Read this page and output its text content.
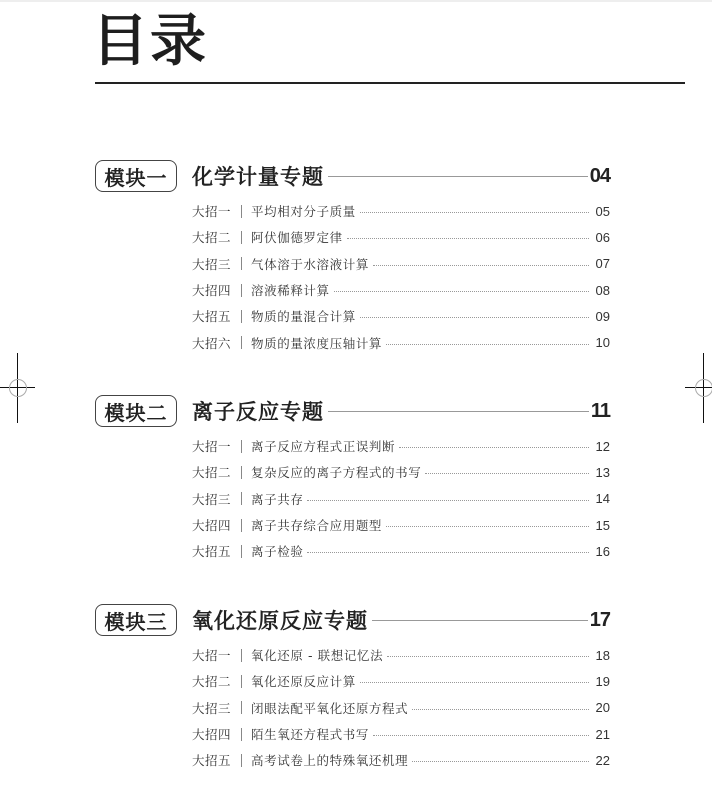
目录
模块一	化学计量专题	04
大招一 平均相对分子质量	05
大招二 阿伏伽德罗定律	06
大招三 气体溶于水溶液计算	07
大招四 溶液稀释计算	08
大招五 物质的量混合计算	09
大招六 物质的量浓度压轴计算	10
模块二	离子反应专题	11
大招一 离子反应方程式正误判断	12
大招二 复杂反应的离子方程式的书写	13
大招三 离子共存	14
大招四 离子共存综合应用题型	15
大招五 离子检验	16
模块三	氧化还原反应专题	17
大招一 氧化还原 - 联想记忆法	18
大招二 氧化还原反应计算	19
大招三 闭眼法配平氧化还原方程式	20
大招四 陌生氧还方程式书写	21
大招五 高考试卷上的特殊氧还机理	22
